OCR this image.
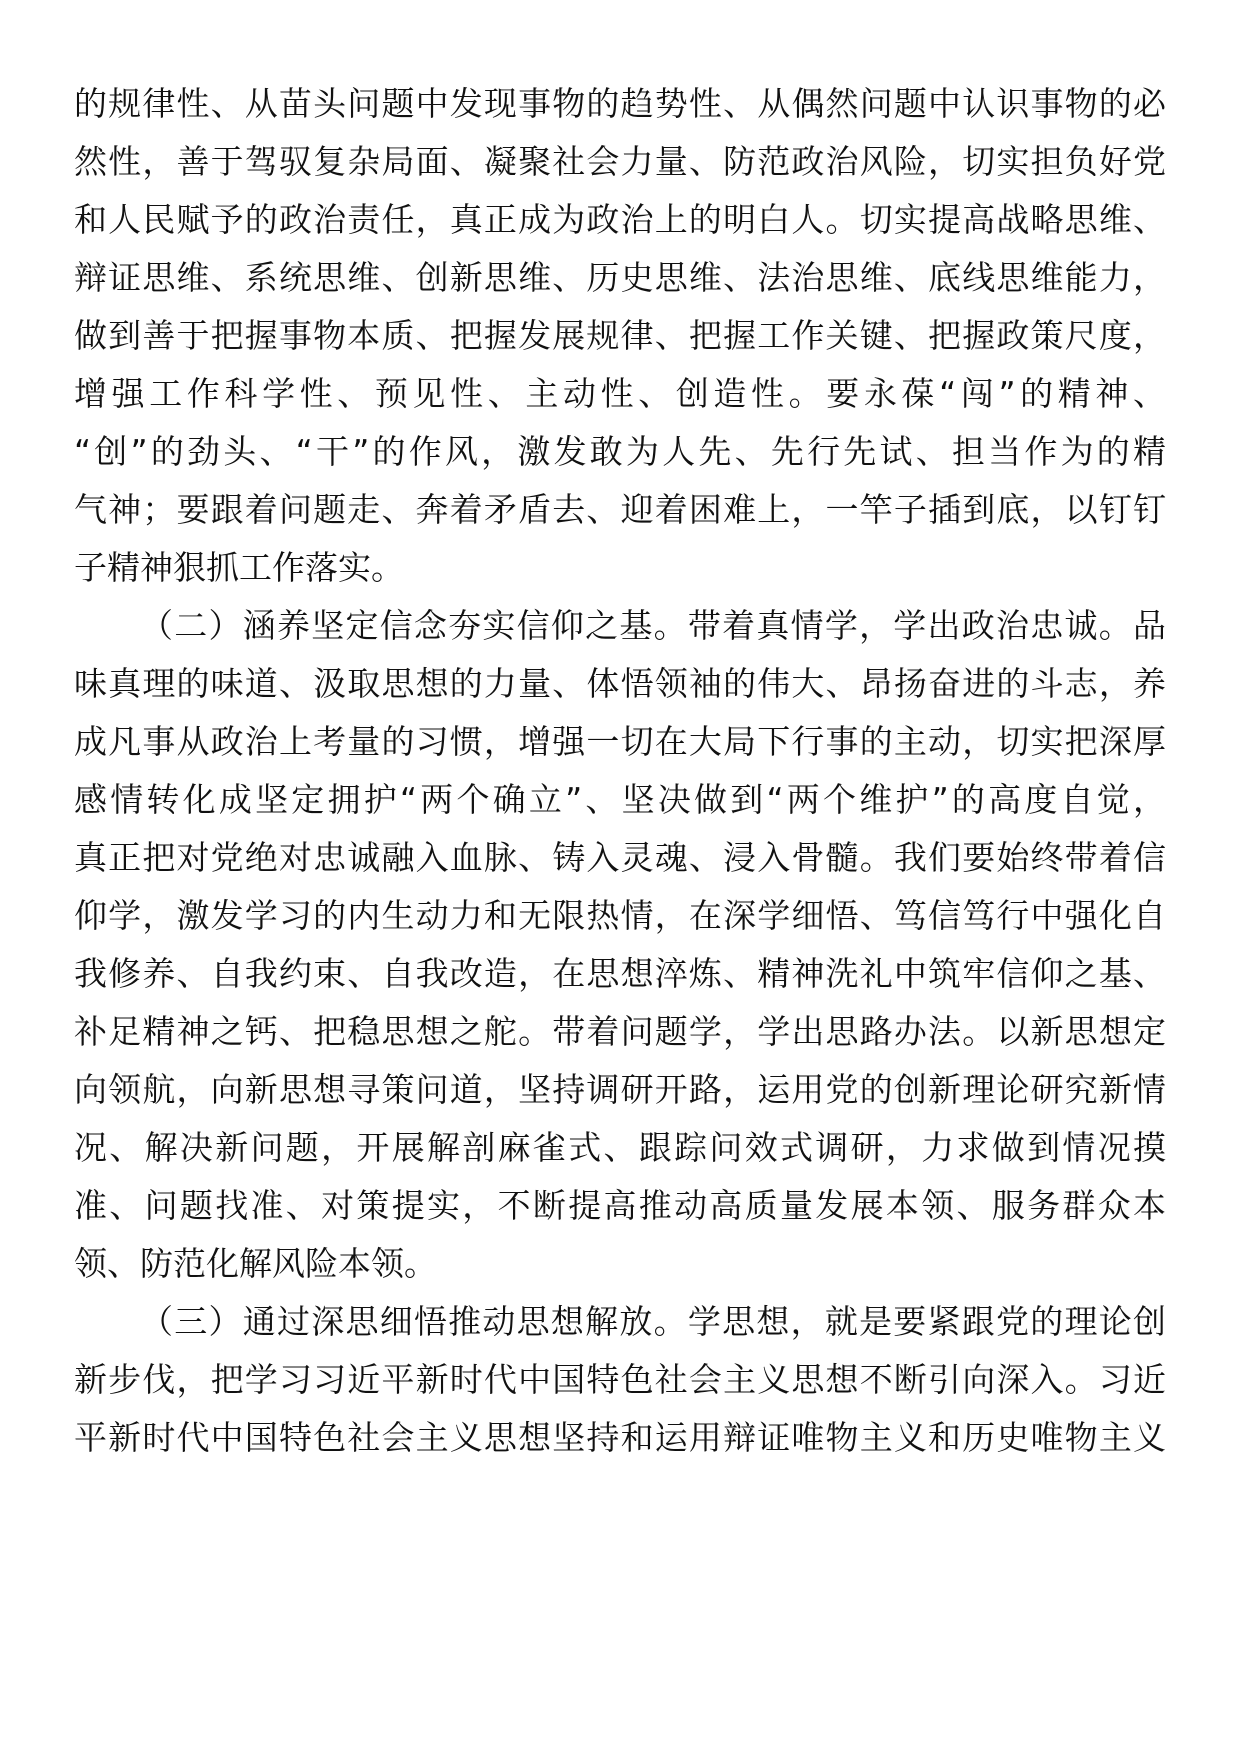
的规律性、从苗头问题中发现事物的趋势性、从偶然问题中认识事物的必
然性，善于驾驭复杂局面、凝聚社会力量、防范政治风险，切实担负好党
和人民赋予的政治责任，真正成为政治上的明白人。切实提高战略思维、
辩证思维、系统思维、创新思维、历史思维、法治思维、底线思维能力，
做到善于把握事物本质、把握发展规律、把握工作关键、把握政策尺度，
增强工作科学性、预见性、主动性、创造性。要永葆“闯”的精神、
“创”的劲头、“干”的作风，激发敢为人先、先行先试、担当作为的精
气神；要跟着问题走、奔着矛盾去、迎着困难上，一竿子插到底，以钉钉
子精神狠抓工作落实。
（二）涵养坚定信念夯实信仰之基。带着真情学，学出政治忠诚。品
味真理的味道、汲取思想的力量、体悟领袖的伟大、昂扬奋进的斗志，养
成凡事从政治上考量的习惯，增强一切在大局下行事的主动，切实把深厚
感情转化成坚定拥护“两个确立”、坚决做到“两个维护”的高度自觉，
真正把对党绝对忠诚融入血脉、铸入灵魂、浸入骨髓。我们要始终带着信
仰学，激发学习的内生动力和无限热情，在深学细悟、笃信笃行中强化自
我修养、自我约束、自我改造，在思想淬炼、精神洗礼中筑牢信仰之基、
补足精神之钙、把稳思想之舵。带着问题学，学出思路办法。以新思想定
向领航，向新思想寻策问道，坚持调研开路，运用党的创新理论研究新情
况、解决新问题，开展解剖麻雀式、跟踪问效式调研，力求做到情况摸
准、问题找准、对策提实，不断提高推动高质量发展本领、服务群众本
领、防范化解风险本领。
（三）通过深思细悟推动思想解放。学思想，就是要紧跟党的理论创
新步伐，把学习习近平新时代中国特色社会主义思想不断引向深入。习近
平新时代中国特色社会主义思想坚持和运用辩证唯物主义和历史唯物主义
